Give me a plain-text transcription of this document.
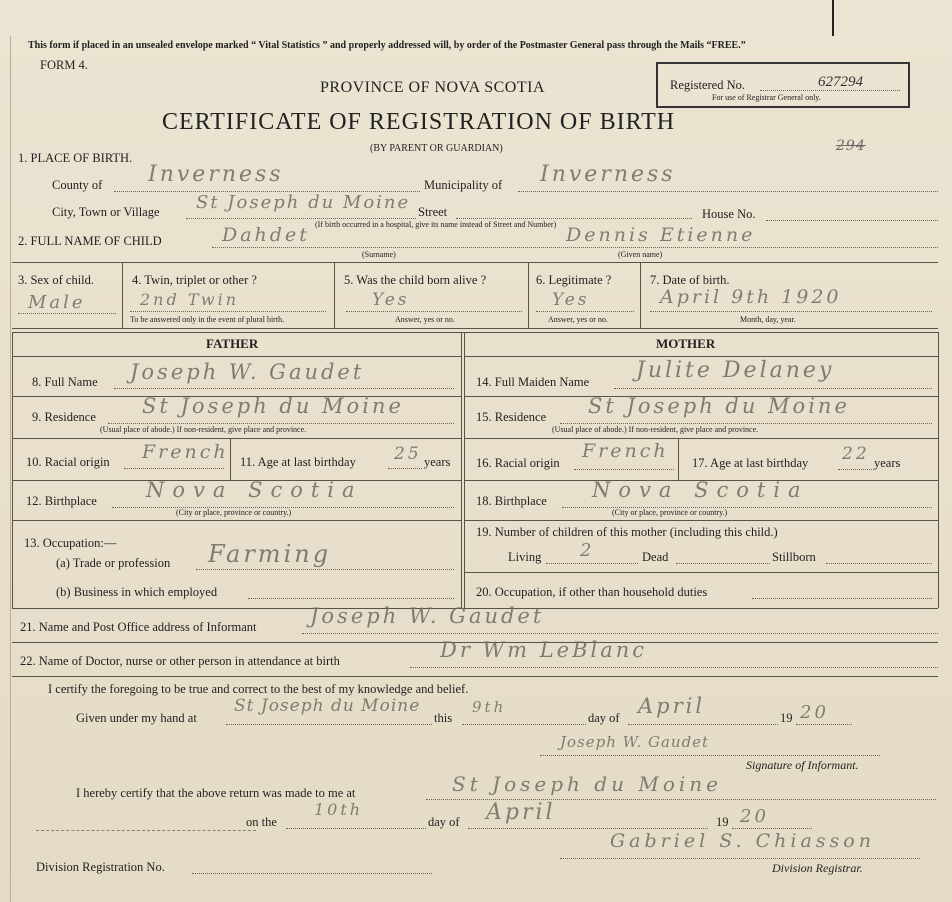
This form if placed in an unsealed envelope marked “ Vital Statistics ” and properly addressed will, by order of the Postmaster General pass through the Mails “FREE.”
FORM 4.
PROVINCE OF NOVA SCOTIA
CERTIFICATE OF REGISTRATION OF BIRTH
(BY PARENT OR GUARDIAN)
Registered No.	627294
For use of Registrar General only.
294
1. PLACE OF BIRTH.
County of Inverness	Municipality of Inverness
City, Town or Village St Joseph du Moine Street	House No.
(If birth occurred in a hospital, give its name instead of Street and Number)
2. FULL NAME OF CHILD	Dahdet	Dennis Etienne
(Surname)	(Given name)
3. Sex of child.
Male
4. Twin, triplet or other ?
2nd Twin
To be answered only in the event of plural birth.
5. Was the child born alive ?
Yes
Answer, yes or no.
6. Legitimate ?
Yes
Answer, yes or no.
7. Date of birth.
April 9th 1920
Month, day, year.
FATHER	MOTHER
8. Full Name Joseph W. Gaudet
9. Residence St Joseph du Moine
(Usual place of abode.) If non-resident, give place and province.
10. Racial origin French 11. Age at last birthday 25 years
12. Birthplace Nova Scotia
(City or place, province or country.)
13. Occupation:—
(a) Trade or profession Farming
(b) Business in which employed
14. Full Maiden Name Julite Delaney
15. Residence St Joseph du Moine
(Usual place of abode.) If non-resident, give place and province.
16. Racial origin
French
17. Age at last birthday 22 years
18. Birthplace Nova Scotia
(City or place, province or country.)
19. Number of children of this mother (including this child.)
Living 2	Dead	Stillborn
20. Occupation, if other than household duties
21. Name and Post Office address of Informant	Joseph W. Gaudet
22. Name of Doctor, nurse or other person in attendance at birth	Dr Wm LeBlanc
I certify the foregoing to be true and correct to the best of my knowledge and belief.
Given under my hand at
St Joseph du Moine
this
9th
day of April	19 20
Joseph W. Gaudet
Signature of Informant.
I hereby certify that the above return was made to me at	St Joseph du Moine
on the
10th
day of April	19 20
Gabriel S. Chiasson
Division Registration No.	Division Registrar.
